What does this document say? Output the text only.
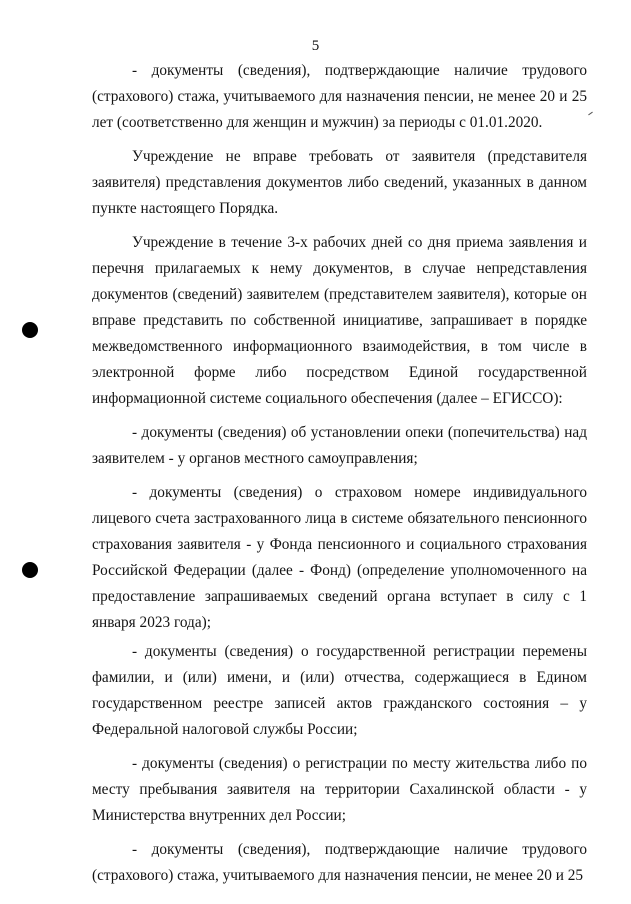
5

- документы (сведения), подтверждающие наличие трудового (страхового) стажа, учитываемого для назначения пенсии, не менее 20 и 25 лет (соответственно для женщин и мужчин) за периоды с 01.01.2020.

Учреждение не вправе требовать от заявителя (представителя заявителя) представления документов либо сведений, указанных в данном пункте настоящего Порядка.

Учреждение в течение 3-х рабочих дней со дня приема заявления и перечня прилагаемых к нему документов, в случае непредставления документов (сведений) заявителем (представителем заявителя), которые он вправе представить по собственной инициативе, запрашивает в порядке межведомственного информационного взаимодействия, в том числе в электронной форме либо посредством Единой государственной информационной системе социального обеспечения (далее – ЕГИССО):

- документы (сведения) об установлении опеки (попечительства) над заявителем - у органов местного самоуправления;

- документы (сведения) о страховом номере индивидуального лицевого счета застрахованного лица в системе обязательного пенсионного страхования заявителя - у Фонда пенсионного и социального страхования Российской Федерации (далее - Фонд) (определение уполномоченного на предоставление запрашиваемых сведений органа вступает в силу с 1 января 2023 года);

- документы (сведения) о государственной регистрации перемены фамилии, и (или) имени, и (или) отчества, содержащиеся в Едином государственном реестре записей актов гражданского состояния – у Федеральной налоговой службы России;

- документы (сведения) о регистрации по месту жительства либо по месту пребывания заявителя на территории Сахалинской области - у Министерства внутренних дел России;

- документы (сведения), подтверждающие наличие трудового (страхового) стажа, учитываемого для назначения пенсии, не менее 20 и 25
